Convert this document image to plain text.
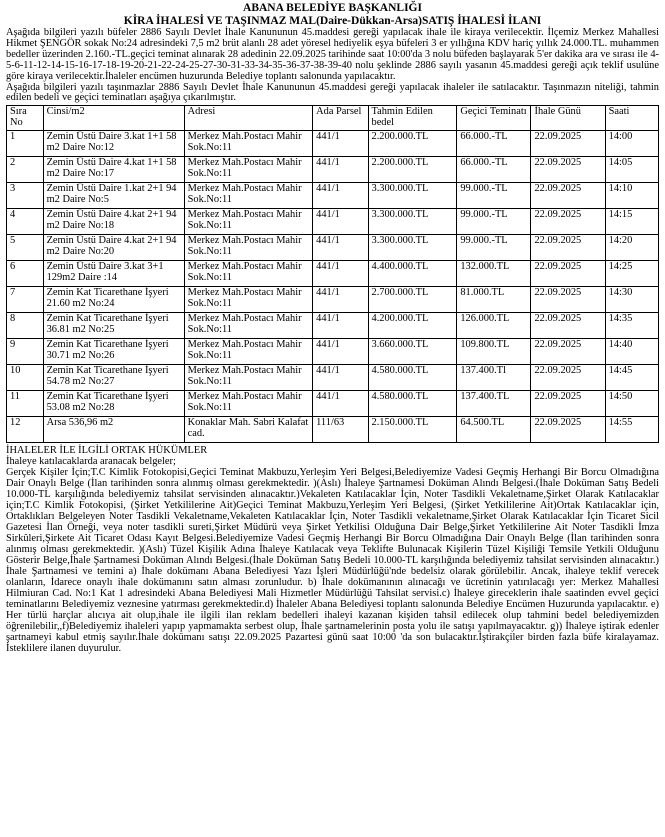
ABANA BELEDİYE BAŞKANLIĞI
KİRA İHALESİ VE TAŞINMAZ MAL(Daire-Dükkan-Arsa)SATIŞ İHALESİ İLANI

Aşağıda bilgileri yazılı büfeler 2886 Sayılı Devlet İhale Kanununun 45.maddesi gereği yapılacak ihale ile kiraya verilecektir. İlçemiz Merkez Mahallesi Hikmet ŞENGÖR sokak No:24 adresindeki 7,5 m2 brüt alanlı 28 adet yöresel hediyelik eşya büfeleri 3 er yıllığına KDV hariç yıllık 24.000.TL. muhammen bedeller üzerinden 2.160.-TL.geçici teminat alınarak 28 adedinin 22.09.2025 tarihinde saat 10:00'da 3 nolu büfeden başlayarak 5'er dakika ara ve sırası ile 4-5-6-11-12-14-15-16-17-18-19-20-21-22-24-25-27-30-31-33-34-35-36-37-38-39-40 nolu şeklinde 2886 sayılı yasanın 45.maddesi gereği açık teklif usulüne göre kiraya verilecektir.İhaleler encümen huzurunda Belediye toplantı salonunda yapılacaktır.

Aşağıda bilgileri yazılı taşınmazlar 2886 Sayılı Devlet İhale Kanununun 45.maddesi gereği yapılacak ihaleler ile satılacaktır. Taşınmazın niteliği, tahmin edilen bedeli ve geçici teminatları aşağıya çıkarılmıştır.

Sıra No	Cinsi/m2	Adresi	Ada Parsel	Tahmin Edilen bedel	Geçici Teminatı	İhale Günü	Saati
1	Zemin Üstü Daire 3.kat 1+1 58 m2 Daire No:12	Merkez Mah.Postacı Mahir Sok.No:11	441/1	2.200.000.TL	66.000.-TL	22.09.2025	14:00
2	Zemin Üstü Daire 4.kat 1+1 58 m2 Daire No:17	Merkez Mah.Postacı Mahir Sok.No:11	441/1	2.200.000.TL	66.000.-TL	22.09.2025	14:05
3	Zemin Üstü Daire 1.kat 2+1 94 m2 Daire No:5	Merkez Mah.Postacı Mahir Sok.No:11	441/1	3.300.000.TL	99.000.-TL	22.09.2025	14:10
4	Zemin Üstü Daire 4.kat 2+1 94 m2 Daire No:18	Merkez Mah.Postacı Mahir Sok.No:11	441/1	3.300.000.TL	99.000.-TL	22.09.2025	14:15
5	Zemin Üstü Daire 4.kat 2+1 94 m2 Daire No:20	Merkez Mah.Postacı Mahir Sok.No:11	441/1	3.300.000.TL	99.000.-TL	22.09.2025	14:20
6	Zemin Üstü Daire 3.kat 3+1 129m2 Daire :14	Merkez Mah.Postacı Mahir Sok.No:11	441/1	4.400.000.TL	132.000.TL	22.09.2025	14:25
7	Zemin Kat Ticarethane İşyeri 21.60 m2 No:24	Merkez Mah.Postacı Mahir Sok.No:11	441/1	2.700.000.TL	81.000.TL	22.09.2025	14:30
8	Zemin Kat Ticarethane İşyeri 36.81 m2 No:25	Merkez Mah.Postacı Mahir Sok.No:11	441/1	4.200.000.TL	126.000.TL	22.09.2025	14:35
9	Zemin Kat Ticarethane İşyeri 30.71 m2 No:26	Merkez Mah.Postacı Mahir Sok.No:11	441/1	3.660.000.TL	109.800.TL	22.09.2025	14:40
10	Zemin Kat Ticarethane İşyeri 54.78 m2 No:27	Merkez Mah.Postacı Mahir Sok.No:11	441/1	4.580.000.TL	137.400.Tl	22.09.2025	14:45
11	Zemin Kat Ticarethane İşyeri 53.08 m2 No:28	Merkez Mah.Postacı Mahir Sok.No:11	441/1	4.580.000.TL	137.400.TL	22.09.2025	14:50
12	Arsa 536,96 m2	Konaklar Mah. Sabri Kalafat cad.	111/63	2.150.000.TL	64.500.TL	22.09.2025	14:55

İHALELER İLE İLGİLİ ORTAK HÜKÜMLER

İhaleye katılacaklarda aranacak belgeler;

Gerçek Kişiler İçin;T.C Kimlik Fotokopisi,Geçici Teminat Makbuzu,Yerleşim Yeri Belgesi,Belediyemize Vadesi Geçmiş Herhangi Bir Borcu Olmadığına Dair Onaylı Belge (İlan tarihinden sonra alınmış olması gerekmektedir. )(Aslı) İhaleye Şartnamesi Doküman Alındı Belgesi.(İhale Doküman Satış Bedeli 10.000-TL karşılığında belediyemiz tahsilat servisinden alınacaktır.)Vekaleten Katılacaklar İçin, Noter Tasdikli Vekaletname,Şirket Olarak Katılacaklar için;T.C Kimlik Fotokopisi, (Şirket Yetkililerine Ait)Geçici Teminat Makbuzu,Yerleşim Yeri Belgesi, (Şirket Yetkililerine Ait)Ortak Katılacaklar için, Ortaklıkları Belgeleyen Noter Tasdikli Vekaletname,Vekaleten Katılacaklar İçin, Noter Tasdikli vekaletname,Şirket Olarak Katılacaklar İçin Ticaret Sicil Gazetesi İlan Örneği, veya noter tasdikli sureti,Şirket Müdürü veya Şirket Yetkilisi Olduğuna Dair Belge,Şirket Yetkililerine Ait Noter Tasdikli İmza Sirkûleri,Şirkete Ait Ticaret Odası Kayıt Belgesi.Belediyemize Vadesi Geçmiş Herhangi Bir Borcu Olmadığına Dair Onaylı Belge (İlan tarihinden sonra alınmış olması gerekmektedir. )(Aslı) Tüzel Kişilik Adına İhaleye Katılacak veya Teklifte Bulunacak Kişilerin Tüzel Kişiliği Temsile Yetkili Olduğunu Gösterir Belge,İhale Şartnamesi Doküman Alındı Belgesi.(İhale Doküman Satış Bedeli 10.000-TL karşılığında belediyemiz tahsilat servisinden alınacaktır.) İhale Şartnamesi ve temini a) İhale dokümanı Abana Belediyesi Yazı İşleri Müdürlüğü'nde bedelsiz olarak görülebilir. Ancak, ihaleye teklif verecek olanların, İdarece onaylı ihale dokümanını satın alması zorunludur. b) İhale dokümanının alınacağı ve ücretinin yatırılacağı yer: Merkez Mahallesi Hilmiuran Cad. No:1 Kat 1 adresindeki Abana Belediyesi Mali Hizmetler Müdürlüğü Tahsilat servisi.c) İhaleye gireceklerin ihale saatinden evvel geçici teminatlarını Belediyemiz veznesine yatırması gerekmektedir.d) İhaleler Abana Belediyesi toplantı salonunda Belediye Encümen Huzurunda yapılacaktır. e) Her türlü harçlar alıcıya ait olup,ihale ile ilgili ilan reklam bedelleri ihaleyi kazanan kişiden tahsil edilecek olup tahmini bedel belediyemizden öğrenilebilir,,f)Belediyemiz ihaleleri yapıp yapmamakta serbest olup, İhale şartnamelerinin posta yolu ile satışı yapılmayacaktır. g)) İhaleye iştirak edenler şartnameyi kabul etmiş sayılır.İhale dokümanı satışı 22.09.2025 Pazartesi günü saat 10:00 'da son bulacaktır.İştirakçiler birden fazla büfe kiralayamaz. İsteklilere ilanen duyurulur.
